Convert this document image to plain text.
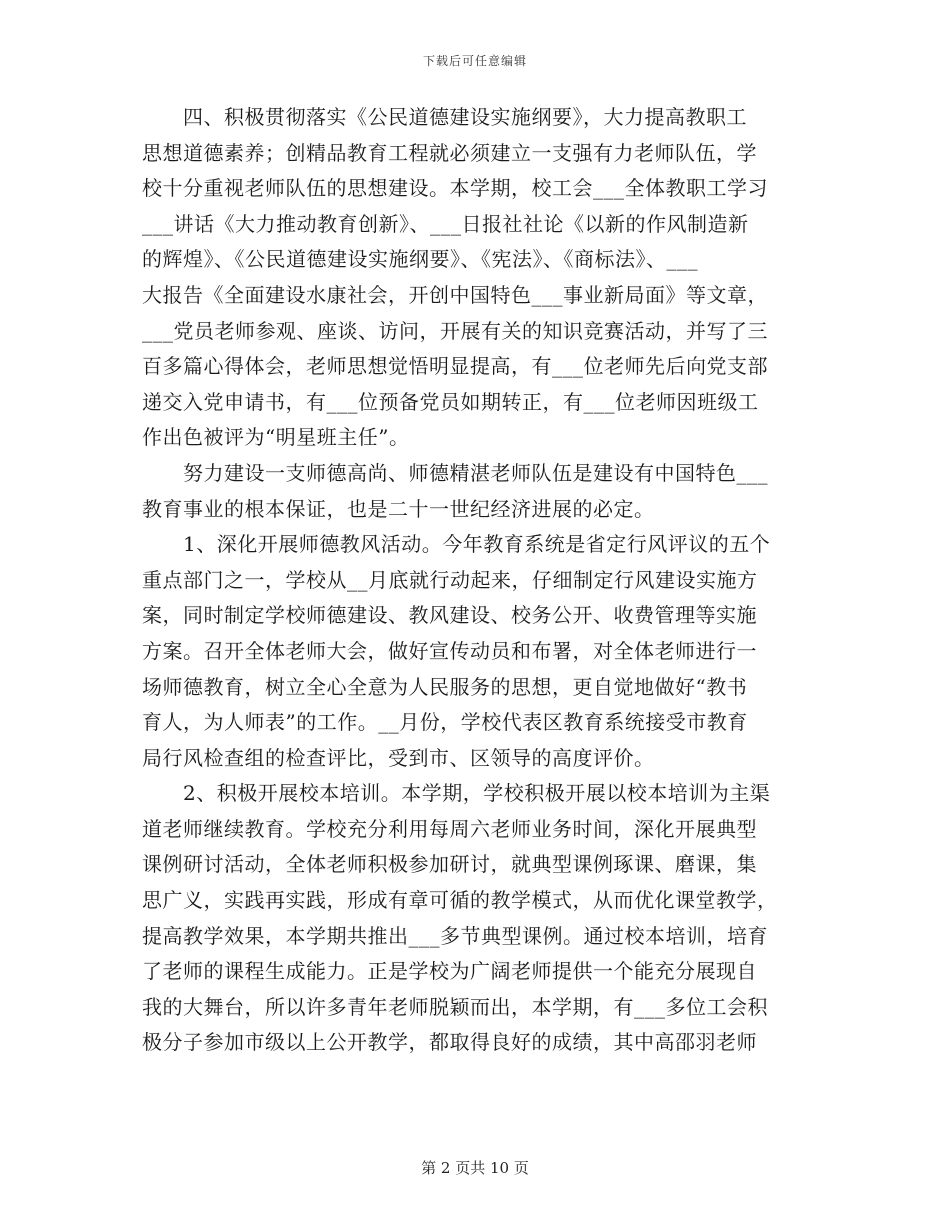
下载后可任意编辑

　　四、积极贯彻落实《公民道德建设实施纲要》，大力提高教职工
思想道德素养；创精品教育工程就必须建立一支强有力老师队伍，学
校十分重视老师队伍的思想建设。本学期，校工会___全体教职工学习
___讲话《大力推动教育创新》、___日报社社论《以新的作风制造新
的辉煌》、《公民道德建设实施纲要》、《宪法》、《商标法》、___
大报告《全面建设水康社会，开创中国特色___事业新局面》等文章，
___党员老师参观、座谈、访问，开展有关的知识竞赛活动，并写了三
百多篇心得体会，老师思想觉悟明显提高，有___位老师先后向党支部
递交入党申请书，有___位预备党员如期转正，有___位老师因班级工
作出色被评为“明星班主任”。

　　努力建设一支师德高尚、师德精湛老师队伍是建设有中国特色___
教育事业的根本保证，也是二十一世纪经济进展的必定。

　　1、深化开展师德教风活动。今年教育系统是省定行风评议的五个
重点部门之一，学校从__月底就行动起来，仔细制定行风建设实施方
案，同时制定学校师德建设、教风建设、校务公开、收费管理等实施
方案。召开全体老师大会，做好宣传动员和布署，对全体老师进行一
场师德教育，树立全心全意为人民服务的思想，更自觉地做好“教书
育人，为人师表”的工作。__月份，学校代表区教育系统接受市教育
局行风检查组的检查评比，受到市、区领导的高度评价。

　　2、积极开展校本培训。本学期，学校积极开展以校本培训为主渠
道老师继续教育。学校充分利用每周六老师业务时间，深化开展典型
课例研讨活动，全体老师积极参加研讨，就典型课例琢课、磨课，集
思广义，实践再实践，形成有章可循的教学模式，从而优化课堂教学，
提高教学效果，本学期共推出___多节典型课例。通过校本培训，培育
了老师的课程生成能力。正是学校为广阔老师提供一个能充分展现自
我的大舞台，所以许多青年老师脱颖而出，本学期，有___多位工会积
极分子参加市级以上公开教学，都取得良好的成绩，其中高邵羽老师

第 2 页共 10 页
